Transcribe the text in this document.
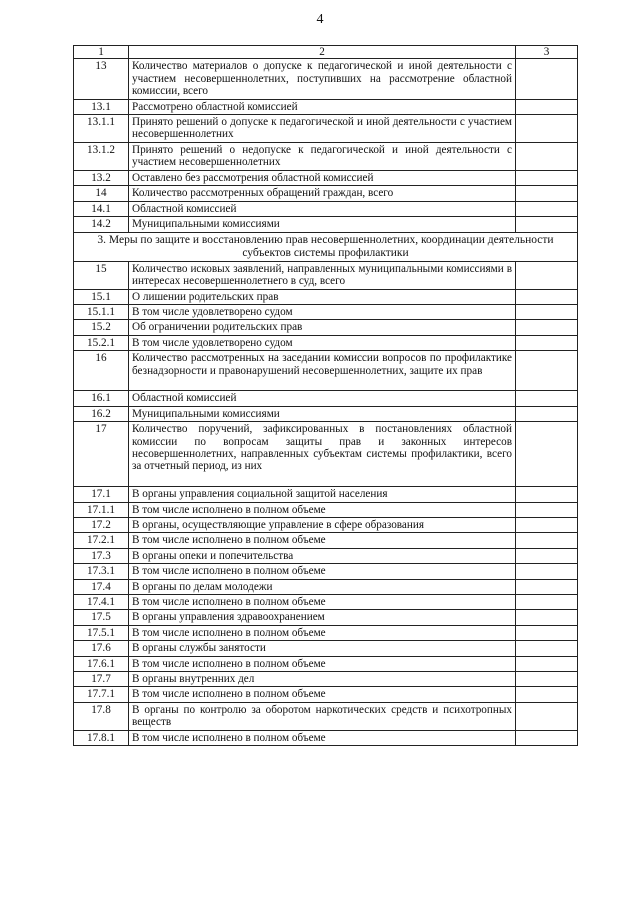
4
1	2	3
13	Количество материалов о допуске к педагогической и иной деятельности с участием несовершеннолетних, поступивших на рассмотрение областной комиссии, всего	
13.1	Рассмотрено областной комиссией	
13.1.1	Принято решений о допуске к педагогической и иной деятельности с участием несовершеннолетних	
13.1.2	Принято решений о недопуске к педагогической и иной деятельности с участием несовершеннолетних	
13.2	Оставлено без рассмотрения областной комиссией	
14	Количество рассмотренных обращений граждан, всего	
14.1	Областной комиссией	
14.2	Муниципальными комиссиями	
3. Меры по защите и восстановлению прав несовершеннолетних, координации деятельности субъектов системы профилактики		
15	Количество исковых заявлений, направленных муниципальными комиссиями в интересах несовершеннолетнего в суд, всего	
15.1	О лишении родительских прав	
15.1.1	В том числе удовлетворено судом	
15.2	Об ограничении родительских прав	
15.2.1	В том числе удовлетворено судом	
16	Количество рассмотренных на заседании комиссии вопросов по профилактике безнадзорности и правонарушений несовершеннолетних, защите их прав	
16.1	Областной комиссией	
16.2	Муниципальными комиссиями	
17	Количество поручений, зафиксированных в постановлениях областной комиссии по вопросам защиты прав и законных интересов несовершеннолетних, направленных субъектам системы профилактики, всего за отчетный период, из них	
17.1	В органы управления социальной защитой населения	
17.1.1	В том числе исполнено в полном объеме	
17.2	В органы, осуществляющие управление в сфере образования	
17.2.1	В том числе исполнено в полном объеме	
17.3	В органы опеки и попечительства	
17.3.1	В том числе исполнено в полном объеме	
17.4	В органы по делам молодежи	
17.4.1	В том числе исполнено в полном объеме	
17.5	В органы управления здравоохранением	
17.5.1	В том числе исполнено в полном объеме	
17.6	В органы службы занятости	
17.6.1	В том числе исполнено в полном объеме	
17.7	В органы внутренних дел	
17.7.1	В том числе исполнено в полном объеме	
17.8	В органы по контролю за оборотом наркотических средств и психотропных веществ	
17.8.1	В том числе исполнено в полном объеме	
